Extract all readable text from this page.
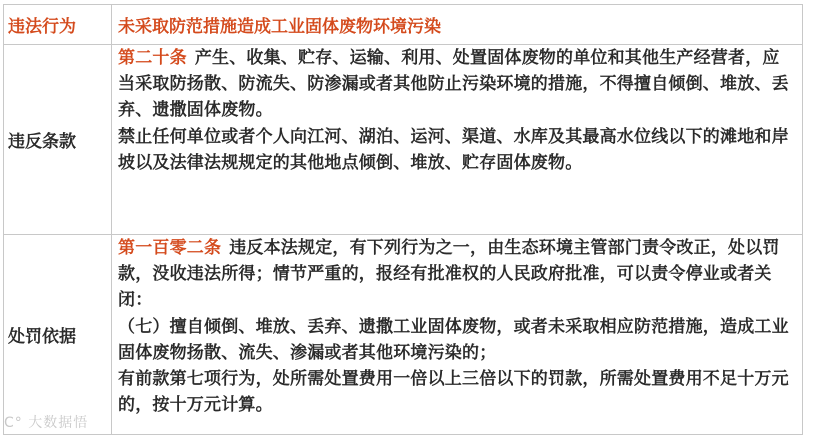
违法行为	未采取防范措施造成工业固体废物环境污染
违反条款	第二十条 产生、收集、贮存、运输、利用、处置固体废物的单位和其他生产经营者，应当采取防扬散、防流失、防渗漏或者其他防止污染环境的措施，不得擅自倾倒、堆放、丢弃、遗撒固体废物。

禁止任何单位或者个人向江河、湖泊、运河、渠道、水库及其最高水位线以下的滩地和岸坡以及法律法规规定的其他地点倾倒、堆放、贮存固体废物。

处罚依据	第一百零二条 违反本法规定，有下列行为之一，由生态环境主管部门责令改正，处以罚款，没收违法所得；情节严重的，报经有批准权的人民政府批准，可以责令停业或者关闭：

（七）擅自倾倒、堆放、丢弃、遗撒工业固体废物，或者未采取相应防范措施，造成工业固体废物扬散、流失、渗漏或者其他环境污染的；

有前款第七项行为，处所需处置费用一倍以上三倍以下的罚款，所需处置费用不足十万元的，按十万元计算。

C° 大数据悟
